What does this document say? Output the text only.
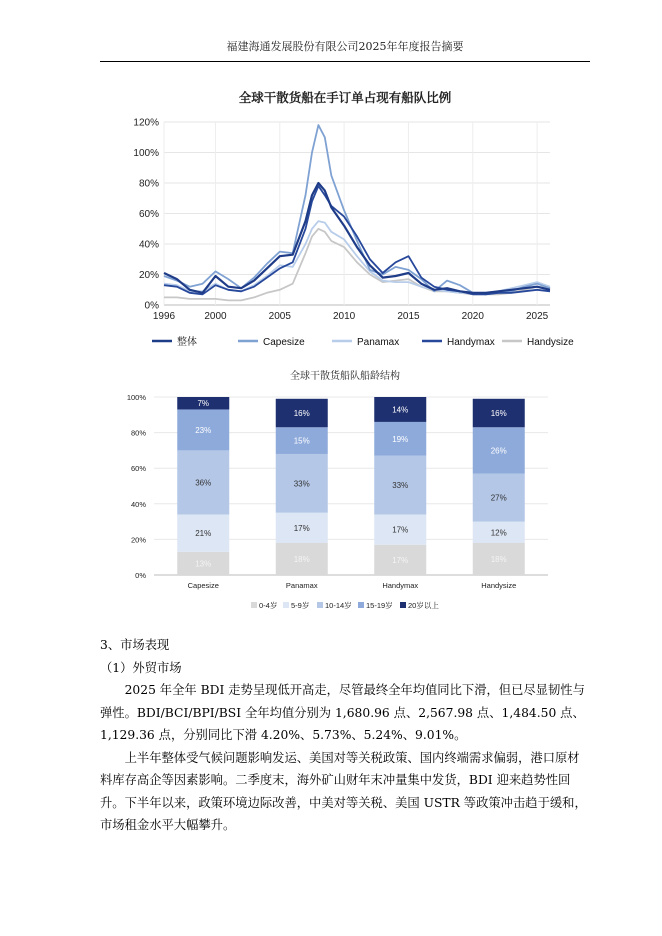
福建海通发展股份有限公司2025年年度报告摘要
全球干散货船在手订单占现有船队比例
0%
20%
40%
60%
80%
100%
120%
1996	2000	2005	2010	2015	2020	2025
整体	Capesize	Panamax	Handymax	Handysize
全球干散货船队船龄结构
0%
20%
40%
60%
80%
100%
13%
21%
36%
23%
7%
18%
17%
33%
15%
16%
17%
17%
33%
19%
14%
18%
12%
27%
26%
16%
Capesize	Panamax	Handymax	Handysize
0-4岁 5-9岁 10-14岁 15-19岁 20岁以上

3、市场表现

（1）外贸市场

2025 年全年 BDI 走势呈现低开高走，尽管最终全年均值同比下滑，但已尽显韧性与弹性。BDI/BCI/BPI/BSI 全年均值分别为 1,680.96 点、2,567.98 点、1,484.50 点、1,129.36 点，分别同比下滑 4.20%、5.73%、5.24%、9.01%。

上半年整体受气候问题影响发运、美国对等关税政策、国内终端需求偏弱，港口原材料库存高企等因素影响。二季度末，海外矿山财年末冲量集中发货，BDI 迎来趋势性回升。下半年以来，政策环境边际改善，中美对等关税、美国 USTR 等政策冲击趋于缓和，市场租金水平大幅攀升。
